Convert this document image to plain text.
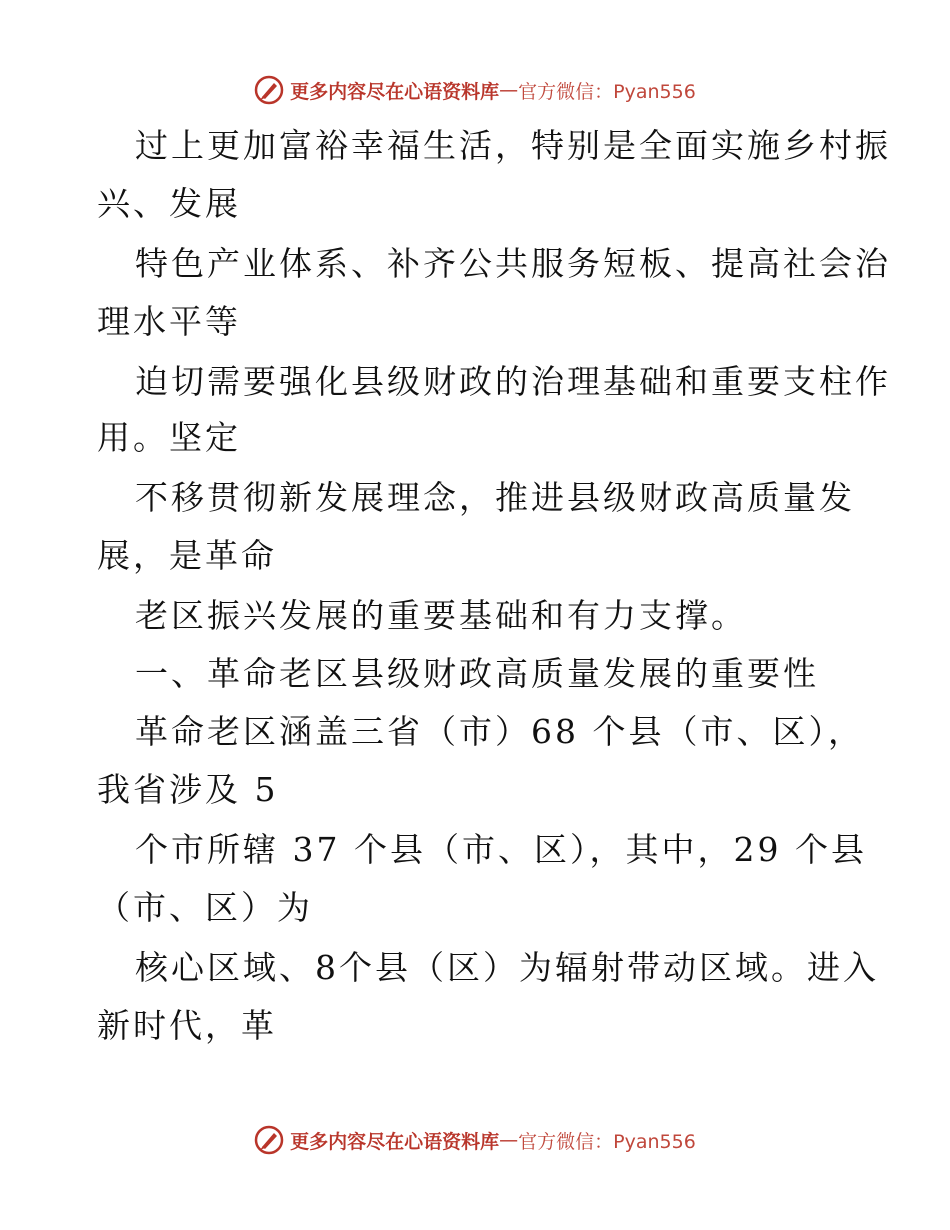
更多内容尽在心语资料库 — 官方微信：Pyan556
过上更加富裕幸福生活，特别是全面实施乡村振
兴、发展
特色产业体系、补齐公共服务短板、提高社会治
理水平等
迫切需要强化县级财政的治理基础和重要支柱作
用。坚定
不移贯彻新发展理念，推进县级财政高质量发
展，是革命
老区振兴发展的重要基础和有力支撑。
一、革命老区县级财政高质量发展的重要性
革命老区涵盖三省（市）68 个县（市、区），
我省涉及 5
个市所辖 37 个县（市、区），其中，29 个县
（市、区）为
核心区域、8个县（区）为辐射带动区域。进入
新时代，革
更多内容尽在心语资料库 — 官方微信：Pyan556
